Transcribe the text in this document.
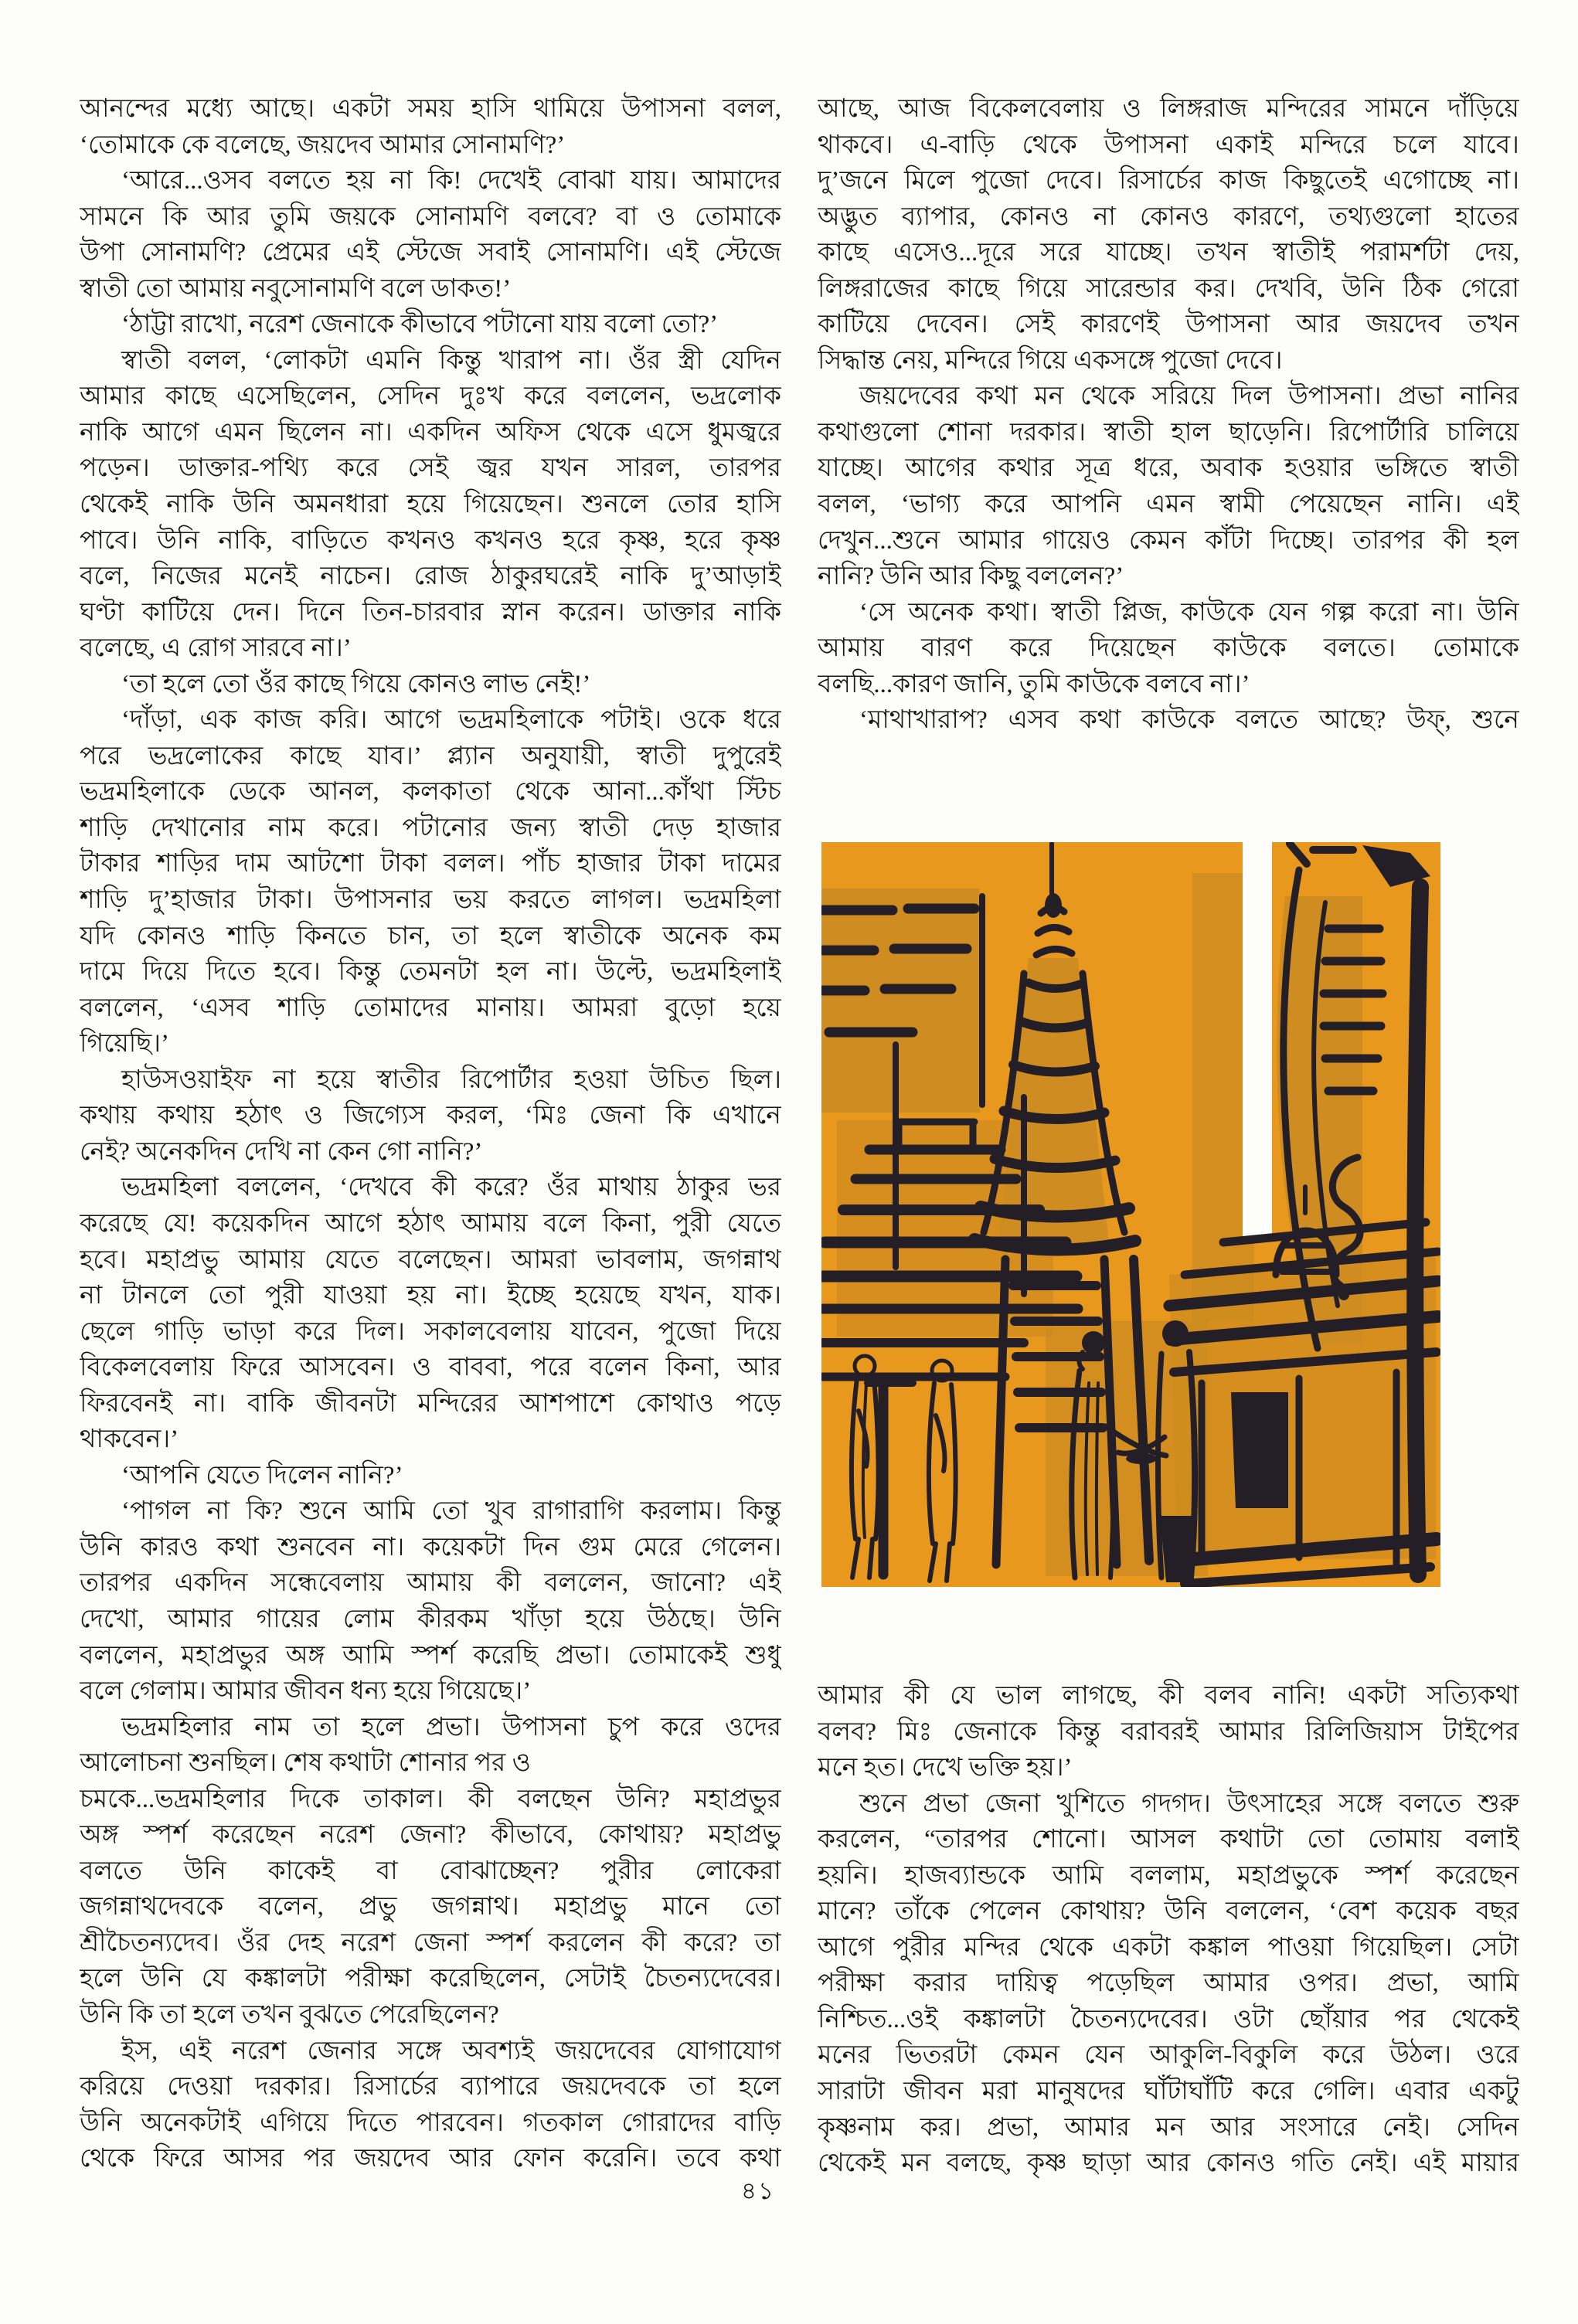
আনন্দের মধ্যে আছে। একটা সময় হাসি থামিয়ে উপাসনা বলল,
‘তোমাকে কে বলেছে, জয়দেব আমার সোনামণি?’
‘আরে...ওসব বলতে হয় না কি! দেখেই বোঝা যায়। আমাদের
সামনে কি আর তুমি জয়কে সোনামণি বলবে? বা ও তোমাকে
উপা সোনামণি? প্রেমের এই স্টেজে সবাই সোনামণি। এই স্টেজে
স্বাতী তো আমায় নবুসোনামণি বলে ডাকত!’
‘ঠাট্টা রাখো, নরেশ জেনাকে কীভাবে পটানো যায় বলো তো?’
স্বাতী বলল, ‘লোকটা এমনি কিন্তু খারাপ না। ওঁর স্ত্রী যেদিন
আমার কাছে এসেছিলেন, সেদিন দুঃখ করে বললেন, ভদ্রলোক
নাকি আগে এমন ছিলেন না। একদিন অফিস থেকে এসে ধুমজ্বরে
পড়েন। ডাক্তার-পথ্যি করে সেই জ্বর যখন সারল, তারপর
থেকেই নাকি উনি অমনধারা হয়ে গিয়েছেন। শুনলে তোর হাসি
পাবে। উনি নাকি, বাড়িতে কখনও কখনও হরে কৃষ্ণ, হরে কৃষ্ণ
বলে, নিজের মনেই নাচেন। রোজ ঠাকুরঘরেই নাকি দু’আড়াই
ঘণ্টা কাটিয়ে দেন। দিনে তিন-চারবার স্নান করেন। ডাক্তার নাকি
বলেছে, এ রোগ সারবে না।’
‘তা হলে তো ওঁর কাছে গিয়ে কোনও লাভ নেই!’
‘দাঁড়া, এক কাজ করি। আগে ভদ্রমহিলাকে পটাই। ওকে ধরে
পরে ভদ্রলোকের কাছে যাব।’ প্ল্যান অনুযায়ী, স্বাতী দুপুরেই
ভদ্রমহিলাকে ডেকে আনল, কলকাতা থেকে আনা...কাঁথা স্টিচ
শাড়ি দেখানোর নাম করে। পটানোর জন্য স্বাতী দেড় হাজার
টাকার শাড়ির দাম আটশো টাকা বলল। পাঁচ হাজার টাকা দামের
শাড়ি দু’হাজার টাকা। উপাসনার ভয় করতে লাগল। ভদ্রমহিলা
যদি কোনও শাড়ি কিনতে চান, তা হলে স্বাতীকে অনেক কম
দামে দিয়ে দিতে হবে। কিন্তু তেমনটা হল না। উল্টে, ভদ্রমহিলাই
বললেন, ‘এসব শাড়ি তোমাদের মানায়। আমরা বুড়ো হয়ে
গিয়েছি।’
হাউসওয়াইফ না হয়ে স্বাতীর রিপোর্টার হওয়া উচিত ছিল।
কথায় কথায় হঠাৎ ও জিগ্যেস করল, ‘মিঃ জেনা কি এখানে
নেই? অনেকদিন দেখি না কেন গো নানি?’
ভদ্রমহিলা বললেন, ‘দেখবে কী করে? ওঁর মাথায় ঠাকুর ভর
করেছে যে! কয়েকদিন আগে হঠাৎ আমায় বলে কিনা, পুরী যেতে
হবে। মহাপ্রভু আমায় যেতে বলেছেন। আমরা ভাবলাম, জগন্নাথ
না টানলে তো পুরী যাওয়া হয় না। ইচ্ছে হয়েছে যখন, যাক।
ছেলে গাড়ি ভাড়া করে দিল। সকালবেলায় যাবেন, পুজো দিয়ে
বিকেলবেলায় ফিরে আসবেন। ও বাববা, পরে বলেন কিনা, আর
ফিরবেনই না। বাকি জীবনটা মন্দিরের আশপাশে কোথাও পড়ে
থাকবেন।’
‘আপনি যেতে দিলেন নানি?’
‘পাগল না কি? শুনে আমি তো খুব রাগারাগি করলাম। কিন্তু
উনি কারও কথা শুনবেন না। কয়েকটা দিন গুম মেরে গেলেন।
তারপর একদিন সন্ধেবেলায় আমায় কী বললেন, জানো? এই
দেখো, আমার গায়ের লোম কীরকম খাঁড়া হয়ে উঠছে। উনি
বললেন, মহাপ্রভুর অঙ্গ আমি স্পর্শ করেছি প্রভা। তোমাকেই শুধু
বলে গেলাম। আমার জীবন ধন্য হয়ে গিয়েছে।’
ভদ্রমহিলার নাম তা হলে প্রভা। উপাসনা চুপ করে ওদের
আলোচনা শুনছিল। শেষ কথাটা শোনার পর ও
চমকে...ভদ্রমহিলার দিকে তাকাল। কী বলছেন উনি? মহাপ্রভুর
অঙ্গ স্পর্শ করেছেন নরেশ জেনা? কীভাবে, কোথায়? মহাপ্রভু
বলতে উনি কাকেই বা বোঝাচ্ছেন? পুরীর লোকেরা
জগন্নাথদেবকে বলেন, প্রভু জগন্নাথ। মহাপ্রভু মানে তো
শ্রীচৈতন্যদেব। ওঁর দেহ নরেশ জেনা স্পর্শ করলেন কী করে? তা
হলে উনি যে কঙ্কালটা পরীক্ষা করেছিলেন, সেটাই চৈতন্যদেবের।
উনি কি তা হলে তখন বুঝতে পেরেছিলেন?
ইস, এই নরেশ জেনার সঙ্গে অবশ্যই জয়দেবের যোগাযোগ
করিয়ে দেওয়া দরকার। রিসার্চের ব্যাপারে জয়দেবকে তা হলে
উনি অনেকটাই এগিয়ে দিতে পারবেন। গতকাল গোরাদের বাড়ি
থেকে ফিরে আসর পর জয়দেব আর ফোন করেনি। তবে কথা
আছে, আজ বিকেলবেলায় ও লিঙ্গরাজ মন্দিরের সামনে দাঁড়িয়ে
থাকবে। এ-বাড়ি থেকে উপাসনা একাই মন্দিরে চলে যাবে।
দু’জনে মিলে পুজো দেবে। রিসার্চের কাজ কিছুতেই এগোচ্ছে না।
অদ্ভুত ব্যাপার, কোনও না কোনও কারণে, তথ্যগুলো হাতের
কাছে এসেও...দূরে সরে যাচ্ছে। তখন স্বাতীই পরামর্শটা দেয়,
লিঙ্গরাজের কাছে গিয়ে সারেন্ডার কর। দেখবি, উনি ঠিক গেরো
কাটিয়ে দেবেন। সেই কারণেই উপাসনা আর জয়দেব তখন
সিদ্ধান্ত নেয়, মন্দিরে গিয়ে একসঙ্গে পুজো দেবে।
জয়দেবের কথা মন থেকে সরিয়ে দিল উপাসনা। প্রভা নানির
কথাগুলো শোনা দরকার। স্বাতী হাল ছাড়েনি। রিপোর্টারি চালিয়ে
যাচ্ছে। আগের কথার সূত্র ধরে, অবাক হওয়ার ভঙ্গিতে স্বাতী
বলল, ‘ভাগ্য করে আপনি এমন স্বামী পেয়েছেন নানি। এই
দেখুন...শুনে আমার গায়েও কেমন কাঁটা দিচ্ছে। তারপর কী হল
নানি? উনি আর কিছু বললেন?’
‘সে অনেক কথা। স্বাতী প্লিজ, কাউকে যেন গল্প করো না। উনি
আমায় বারণ করে দিয়েছেন কাউকে বলতে। তোমাকে
বলছি...কারণ জানি, তুমি কাউকে বলবে না।’
‘মাথাখারাপ? এসব কথা কাউকে বলতে আছে? উফ্, শুনে
আমার কী যে ভাল লাগছে, কী বলব নানি! একটা সত্যিকথা
বলব? মিঃ জেনাকে কিন্তু বরাবরই আমার রিলিজিয়াস টাইপের
মনে হত। দেখে ভক্তি হয়।’
শুনে প্রভা জেনা খুশিতে গদগদ। উৎসাহের সঙ্গে বলতে শুরু
করলেন, “তারপর শোনো। আসল কথাটা তো তোমায় বলাই
হয়নি। হাজব্যান্ডকে আমি বললাম, মহাপ্রভুকে স্পর্শ করেছেন
মানে? তাঁকে পেলেন কোথায়? উনি বললেন, ‘বেশ কয়েক বছর
আগে পুরীর মন্দির থেকে একটা কঙ্কাল পাওয়া গিয়েছিল। সেটা
পরীক্ষা করার দায়িত্ব পড়েছিল আমার ওপর। প্রভা, আমি
নিশ্চিত...ওই কঙ্কালটা চৈতন্যদেবের। ওটা ছোঁয়ার পর থেকেই
মনের ভিতরটা কেমন যেন আকুলি-বিকুলি করে উঠল। ওরে
সারাটা জীবন মরা মানুষদের ঘাঁটাঘাঁটি করে গেলি। এবার একটু
কৃষ্ণনাম কর। প্রভা, আমার মন আর সংসারে নেই। সেদিন
থেকেই মন বলছে, কৃষ্ণ ছাড়া আর কোনও গতি নেই। এই মায়ার
৪১
